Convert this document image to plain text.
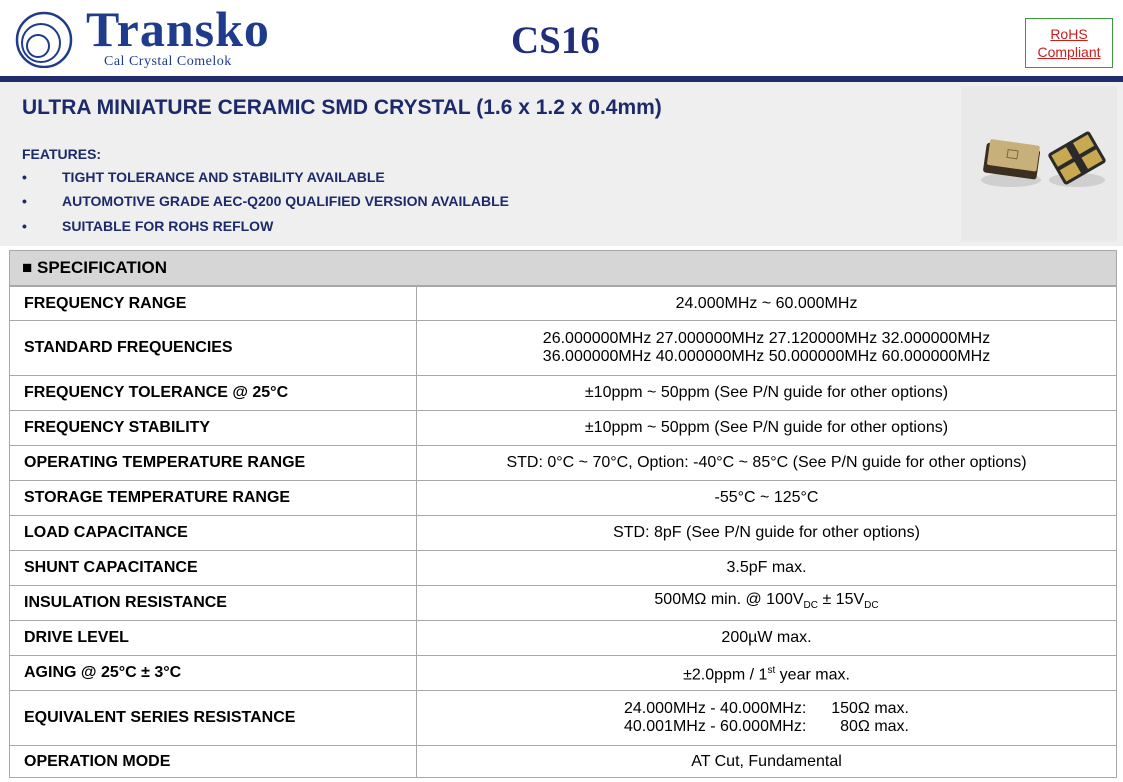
Transko
Cal Crystal Comelok	CS16	RoHS
Compliant
ULTRA MINIATURE CERAMIC SMD CRYSTAL (1.6 x 1.2 x 0.4mm)
FEATURES:
•	TIGHT TOLERANCE AND STABILITY AVAILABLE
•	AUTOMOTIVE GRADE AEC-Q200 QUALIFIED VERSION AVAILABLE
•	SUITABLE FOR ROHS REFLOW
■ SPECIFICATION
FREQUENCY RANGE	24.000MHz ~ 60.000MHz
STANDARD FREQUENCIES	26.000000MHz 27.000000MHz 27.120000MHz 32.000000MHz
36.000000MHz 40.000000MHz 50.000000MHz 60.000000MHz

FREQUENCY TOLERANCE @ 25°C	±10ppm ~ 50ppm (See P/N guide for other options)
FREQUENCY STABILITY	±10ppm ~ 50ppm (See P/N guide for other options)
OPERATING TEMPERATURE RANGE	STD: 0°C ~ 70°C, Option: -40°C ~ 85°C (See P/N guide for other options)
STORAGE TEMPERATURE RANGE	-55°C ~ 125°C
LOAD CAPACITANCE	STD: 8pF (See P/N guide for other options)
SHUNT CAPACITANCE	3.5pF max.
INSULATION RESISTANCE	500MΩ min. @ $100V_{DC} \pm 15V_{DC}$
DRIVE LEVEL	200µW max.
AGING @ 25°C ± 3°C	±2.0ppm / 1st year max.
EQUIVALENT SERIES RESISTANCE	24.000MHz - 40.000MHz: 150Ω max.
40.001MHz - 60.000MHz: 80Ω max.
OPERATION MODE	AT Cut, Fundamental
